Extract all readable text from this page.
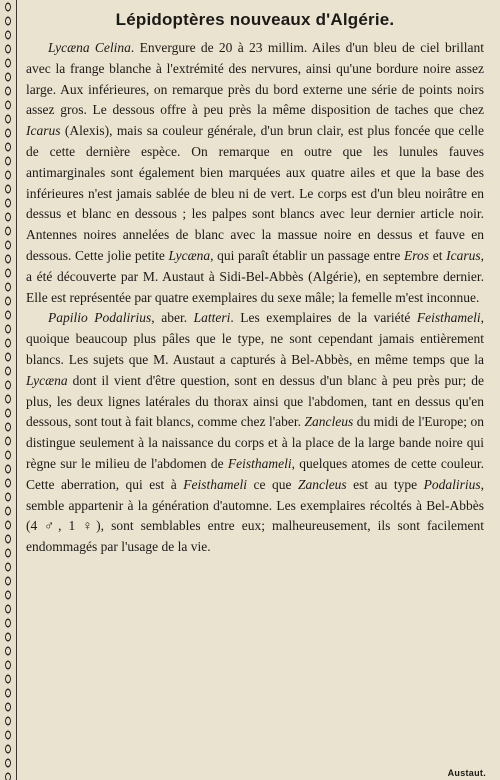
Lépidoptères nouveaux d'Algérie.

Lycæna Celina. Envergure de 20 à 23 millim. Ailes d'un bleu de ciel brillant avec la frange blanche à l'extrémité des nervures, ainsi qu'une bordure noire assez large. Aux inférieures, on remarque près du bord externe une série de points noirs assez gros. Le dessous offre à peu près la même disposition de taches que chez Icarus (Alexis), mais sa couleur générale, d'un brun clair, est plus foncée que celle de cette dernière espèce. On remarque en outre que les lunules fauves antimarginales sont également bien marquées aux quatre ailes et que la base des inférieures n'est jamais sablée de bleu ni de vert. Le corps est d'un bleu noirâtre en dessus et blanc en dessous ; les palpes sont blancs avec leur dernier article noir. Antennes noires annelées de blanc avec la massue noire en dessus et fauve en dessous. Cette jolie petite Lycæna, qui paraît établir un passage entre Eros et Icarus, a été découverte par M. Austaut à Sidi-Bel-Abbès (Algérie), en septembre dernier. Elle est représentée par quatre exemplaires du sexe mâle; la femelle m'est inconnue.

Papilio Podalirius, aber. Latteri. Les exemplaires de la variété Feisthameli, quoique beaucoup plus pâles que le type, ne sont cependant jamais entièrement blancs. Les sujets que M. Austaut a capturés à Bel-Abbès, en même temps que la Lycæna dont il vient d'être question, sont en dessus d'un blanc à peu près pur; de plus, les deux lignes latérales du thorax ainsi que l'abdomen, tant en dessus qu'en dessous, sont tout à fait blancs, comme chez l'aber. Zancleus du midi de l'Europe; on distingue seulement à la naissance du corps et à la place de la large bande noire qui règne sur le milieu de l'abdomen de Feisthameli, quelques atomes de cette couleur. Cette aberration, qui est à Feisthameli ce que Zancleus est au type Podalirius, semble appartenir à la génération d'automne. Les exemplaires récoltés à Bel-Abbès (4 ♂, 1 ♀), sont semblables entre eux; malheureusement, ils sont facilement endommagés par l'usage de la vie.

Austaut.
